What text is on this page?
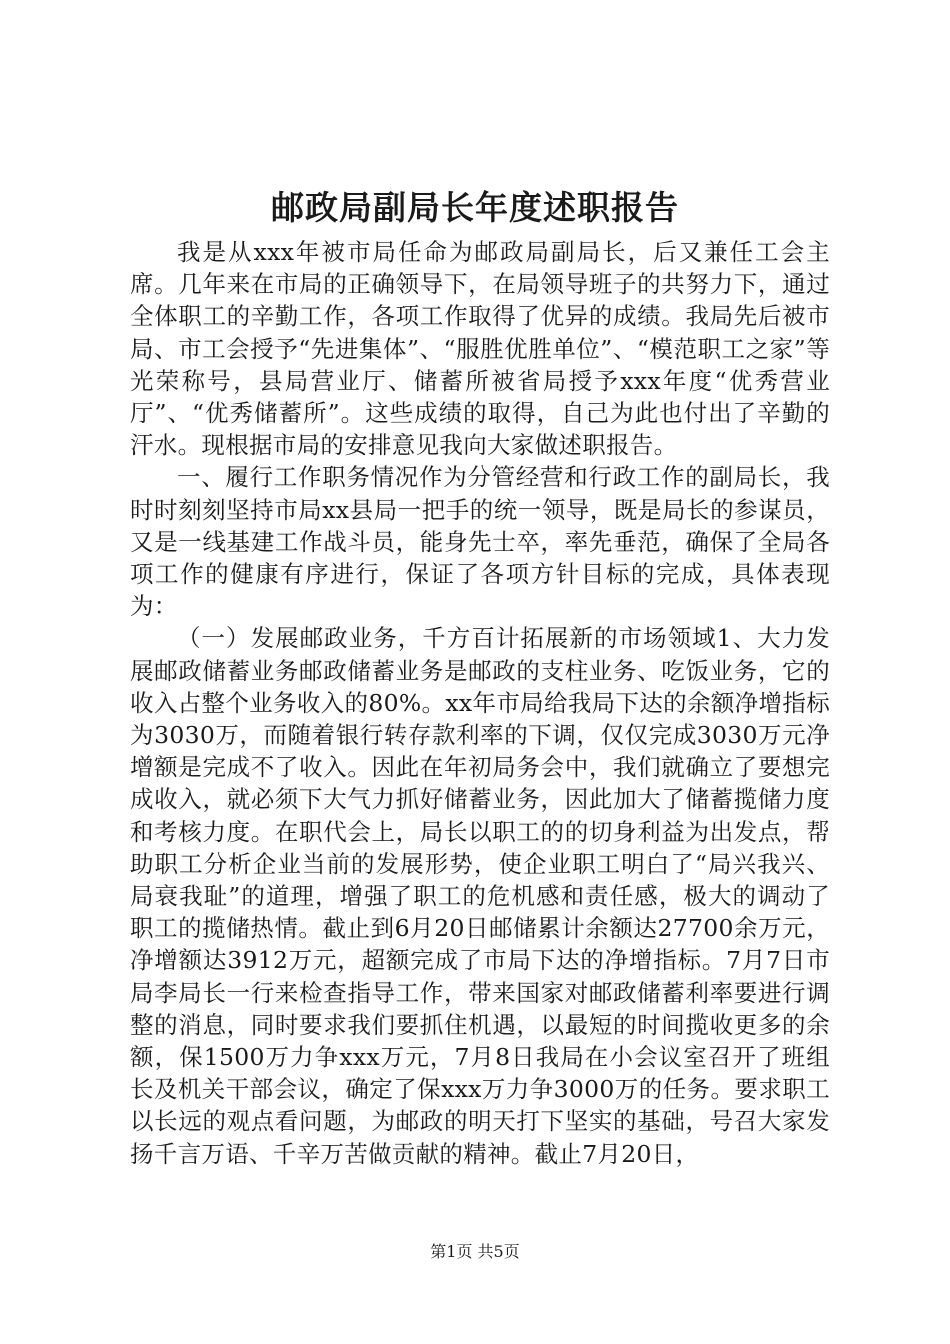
邮政局副局长年度述职报告

我是从xxx年被市局任命为邮政局副局长，后又兼任工会主席。几年来在市局的正确领导下，在局领导班子的共努力下，通过全体职工的辛勤工作，各项工作取得了优异的成绩。我局先后被市局、市工会授予“先进集体”、“服胜优胜单位”、“模范职工之家”等光荣称号，县局营业厅、储蓄所被省局授予xxx年度“优秀营业厅”、“优秀储蓄所”。这些成绩的取得，自己为此也付出了辛勤的汗水。现根据市局的安排意见我向大家做述职报告。

一、履行工作职务情况作为分管经营和行政工作的副局长，我时时刻刻坚持市局xx县局一把手的统一领导，既是局长的参谋员，又是一线基建工作战斗员，能身先士卒，率先垂范，确保了全局各项工作的健康有序进行，保证了各项方针目标的完成，具体表现为：

（一）发展邮政业务，千方百计拓展新的市场领域1、大力发展邮政储蓄业务邮政储蓄业务是邮政的支柱业务、吃饭业务，它的收入占整个业务收入的80%。xx年市局给我局下达的余额净增指标为3030万，而随着银行转存款利率的下调，仅仅完成3030万元净增额是完成不了收入。因此在年初局务会中，我们就确立了要想完成收入，就必须下大气力抓好储蓄业务，因此加大了储蓄揽储力度和考核力度。在职代会上，局长以职工的的切身利益为出发点，帮助职工分析企业当前的发展形势，使企业职工明白了“局兴我兴、局衰我耻”的道理，增强了职工的危机感和责任感，极大的调动了职工的揽储热情。截止到6月20日邮储累计余额达27700余万元，净增额达3912万元，超额完成了市局下达的净增指标。7月7日市局李局长一行来检查指导工作，带来国家对邮政储蓄利率要进行调整的消息，同时要求我们要抓住机遇，以最短的时间揽收更多的余额，保1500万力争xxx万元，7月8日我局在小会议室召开了班组长及机关干部会议，确定了保xxx万力争3000万的任务。要求职工以长远的观点看问题，为邮政的明天打下坚实的基础，号召大家发扬千言万语、千辛万苦做贡献的精神。截止7月20日，

第1页 共5页
